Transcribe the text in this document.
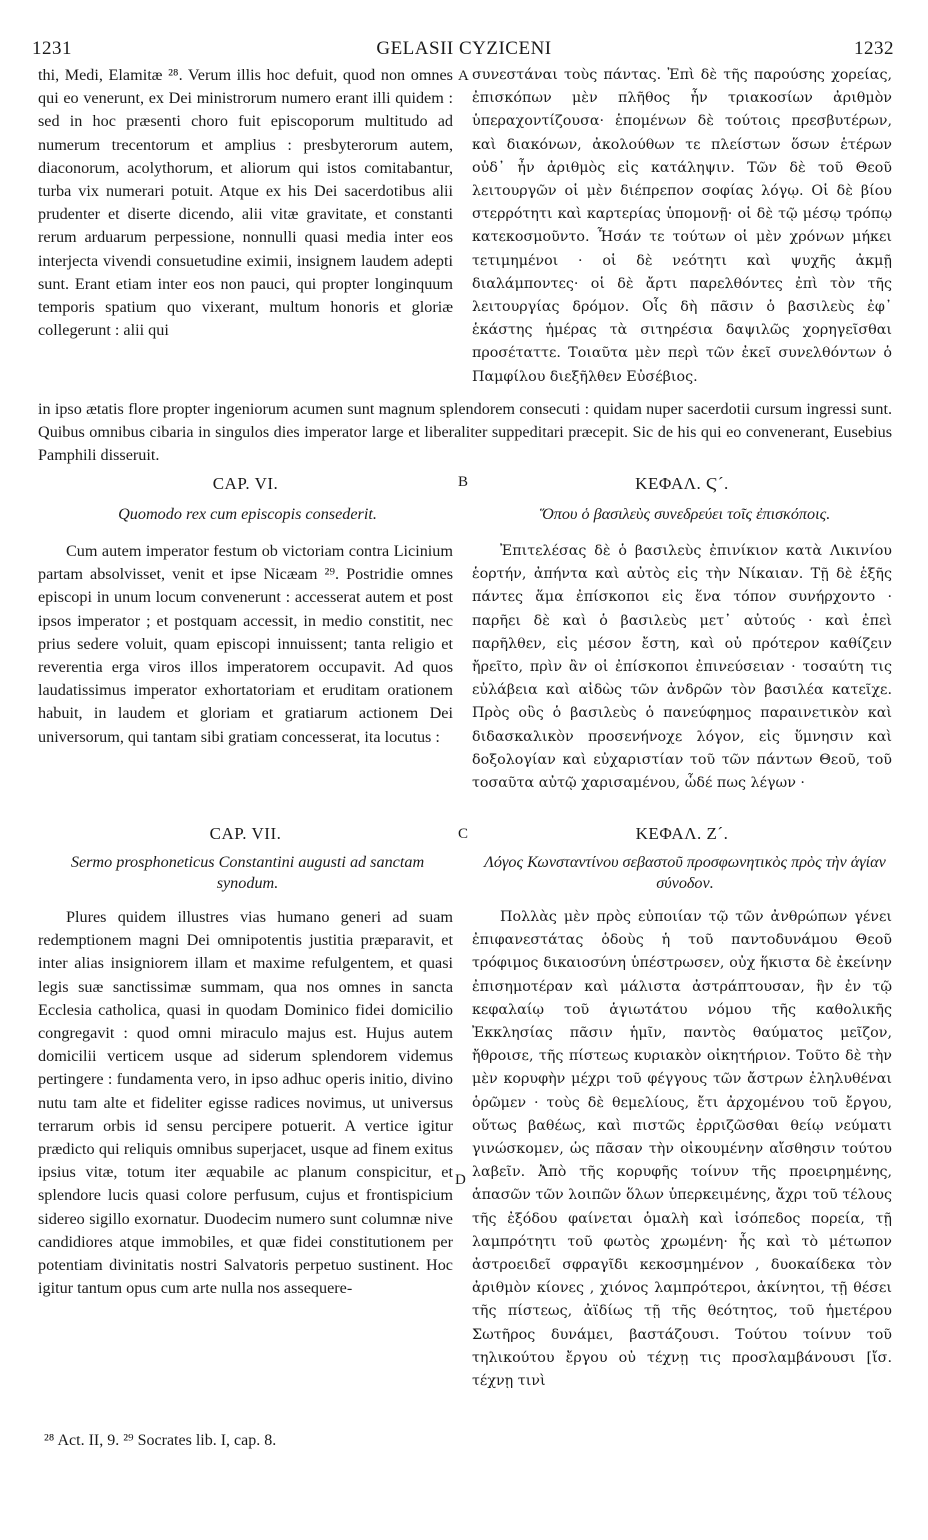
1231	GELASII CYZICENI	1232

thi, Medi, Elamitæ ²⁸. Verum illis hoc defuit, quod non omnes qui eo venerunt, ex Dei ministrorum numero erant illi quidem : sed in hoc præsenti choro fuit episcoporum multitudo ad numerum trecentorum et amplius : presbyterorum autem, diaconorum, acolythorum, et aliorum qui istos comitabantur, turba vix numerari potuit. Atque ex his Dei sacerdotibus alii prudenter et diserte dicendo, alii vitæ gravitate, et constanti rerum arduarum perpessione, nonnulli quasi media inter eos interjecta vivendi consuetudine eximii, insignem laudem adepti sunt. Erant etiam inter eos non pauci, qui propter longinquum temporis spatium quo vixerant, multum honoris et gloriæ collegerunt : alii qui

A συνεστάναι τοὺς πάντας. Ἐπὶ δὲ τῆς παρούσης χορείας, ἐπισκόπων μὲν πλῆθος ἦν τριακοσίων ἀριθμὸν ὑπεραχοντίζουσα· ἑπομένων δὲ τούτοις πρεσβυτέρων, καὶ διακόνων, ἀκολούθων τε πλείστων ὅσων ἑτέρων οὐδ᾽ ἦν ἀριθμὸς εἰς κατάληψιν. Τῶν δὲ τοῦ Θεοῦ λειτουργῶν οἱ μὲν διέπρεπον σοφίας λόγῳ. Οἱ δὲ βίου στερρότητι καὶ καρτερίας ὑπομονῇ· οἱ δὲ τῷ μέσῳ τρόπῳ κατεκοσμοῦντο. Ἦσάν τε τούτων οἱ μὲν χρόνων μήκει τετιμημένοι · οἱ δὲ νεότητι καὶ ψυχῆς ἀκμῇ διαλάμποντες· οἱ δὲ ἄρτι παρελθόντες ἐπὶ τὸν τῆς λειτουργίας δρόμον. Οἷς δὴ πᾶσιν ὁ βασιλεὺς ἐφ᾽ ἑκάστης ἡμέρας τὰ σιτηρέσια δαψιλῶς χορηγεῖσθαι προσέταττε. Τοιαῦτα μὲν περὶ τῶν ἐκεῖ συνελθόντων ὁ Παμφίλου διεξῆλθεν Εὐσέβιος.

in ipso ætatis flore propter ingeniorum acumen sunt magnum splendorem consecuti : quidam nuper sacerdotii cursum ingressi sunt. Quibus omnibus cibaria in singulos dies imperator large et liberaliter suppeditari præcepit. Sic de his qui eo convenerant, Eusebius Pamphili disseruit.

CAP. VI.	B	ΚΕΦΑΛ. Ϛ´.
Quomodo rex cum episcopis consederit.	Ὅπου ὁ βασιλεὺς συνεδρεύει τοῖς ἐπισκόποις.

Cum autem imperator festum ob victoriam contra Licinium partam absolvisset, venit et ipse Nicæam ²⁹. Postridie omnes episcopi in unum locum convenerunt : accesserat autem et post ipsos imperator ; et postquam accessit, in medio constitit, nec prius sedere voluit, quam episcopi innuissent; tanta religio et reverentia erga viros illos imperatorem occupavit. Ad quos laudatissimus imperator exhortatoriam et eruditam orationem habuit, in laudem et gloriam et gratiarum actionem Dei universorum, qui tantam sibi gratiam concesserat, ita locutus :

Ἐπιτελέσας δὲ ὁ βασιλεὺς ἐπινίκιον κατὰ Λικινίου ἑορτήν, ἀπήντα καὶ αὐτὸς εἰς τὴν Νίκαιαν. Τῇ δὲ ἑξῆς πάντες ἅμα ἐπίσκοποι εἰς ἕνα τόπον συνήρχοντο · παρῆει δὲ καὶ ὁ βασιλεὺς μετ᾽ αὐτούς · καὶ ἐπεὶ παρῆλθεν, εἰς μέσον ἔστη, καὶ οὐ πρότερον καθίζειν ἤρεῖτο, πρὶν ἂν οἱ ἐπίσκοποι ἐπινεύσειαν · τοσαύτη τις εὐλάβεια καὶ αἰδὼς τῶν ἀνδρῶν τὸν βασιλέα κατεῖχε. Πρὸς οὓς ὁ βασιλεὺς ὁ πανεύφημος παραινετικὸν καὶ διδασκαλικὸν προσενήνοχε λόγον, εἰς ὕμνησιν καὶ δοξολογίαν καὶ εὐχαριστίαν τοῦ τῶν πάντων Θεοῦ, τοῦ τοσαῦτα αὐτῷ χαρισαμένου, ὧδέ πως λέγων ·

CAP. VII.	C	ΚΕΦΑΛ. Ζ´.
Sermo prosphoneticus Constantini augusti ad sanctam synodum.
Λόγος Κωνσταντίνου σεβαστοῦ προσφωνητικὸς πρὸς τὴν ἁγίαν σύνοδον.

Plures quidem illustres vias humano generi ad suam redemptionem magni Dei omnipotentis justitia præparavit, et inter alias insigniorem illam et maxime refulgentem, et quasi legis suæ sanctissimæ summam, qua nos omnes in sancta Ecclesia catholica, quasi in quodam Dominico fidei domicilio congregavit : quod omni miraculo majus est. Hujus autem domicilii verticem usque ad siderum splendorem videmus pertingere : fundamenta vero, in ipso adhuc operis initio, divino nutu tam alte et fideliter egisse radices novimus, ut universus terrarum orbis id sensu percipere potuerit. A vertice igitur prædicto qui reliquis omnibus superjacet, usque ad finem exitus ipsius vitæ, totum iter æquabile ac planum conspicitur, et splendore lucis quasi colore perfusum, cujus et frontispicium sidereo sigillo exornatur. Duodecim numero sunt columnæ nive candidiores atque immobiles, et quæ fidei constitutionem per potentiam divinitatis nostri Salvatoris perpetuo sustinent. Hoc igitur tantum opus cum arte nulla nos assequere-

D

Πολλὰς μὲν πρὸς εὐποιίαν τῷ τῶν ἀνθρώπων γένει ἐπιφανεστάτας ὁδοὺς ἡ τοῦ παντοδυνάμου Θεοῦ τρόφιμος δικαιοσύνη ὑπέστρωσεν, οὐχ ἥκιστα δὲ ἐκείνην ἐπισημοτέραν καὶ μάλιστα ἀστράπτουσαν, ἣν ἐν τῷ κεφαλαίῳ τοῦ ἁγιωτάτου νόμου τῆς καθολικῆς Ἐκκλησίας πᾶσιν ἡμῖν, παντὸς θαύματος μεῖζον, ἤθροισε, τῆς πίστεως κυριακὸν οἰκητήριον. Τοῦτο δὲ τὴν μὲν κορυφὴν μέχρι τοῦ φέγγους τῶν ἄστρων ἐληλυθέναι ὁρῶμεν · τοὺς δὲ θεμελίους, ἔτι ἀρχομένου τοῦ ἔργου, οὕτως βαθέως, καὶ πιστῶς ἐρριζῶσθαι θείῳ νεύματι γινώσκομεν, ὡς πᾶσαν τὴν οἰκουμένην αἴσθησιν τούτου λαβεῖν. Ἀπὸ τῆς κορυφῆς τοίνυν τῆς προειρημένης, ἁπασῶν τῶν λοιπῶν ὅλων ὑπερκειμένης, ἄχρι τοῦ τέλους τῆς ἐξόδου φαίνεται ὁμαλὴ καὶ ἰσόπεδος πορεία, τῇ λαμπρότητι τοῦ φωτὸς χρωμένη· ἧς καὶ τὸ μέτωπον ἀστροειδεῖ σφραγῖδι κεκοσμημένον , δυοκαίδεκα τὸν ἀριθμὸν κίονες , χιόνος λαμπρότεροι, ἀκίνητοι, τῇ θέσει τῆς πίστεως, ἀϊδίως τῇ τῆς θεότητος, τοῦ ἡμετέρου Σωτῆρος δυνάμει, βαστάζουσι. Τούτου τοίνυν τοῦ τηλικούτου ἔργου οὐ τέχνῃ τις προσλαμβάνουσι [ἴσ. τέχνῃ τινὶ

²⁸ Act. II, 9. ²⁹ Socrates lib. I, cap. 8.
